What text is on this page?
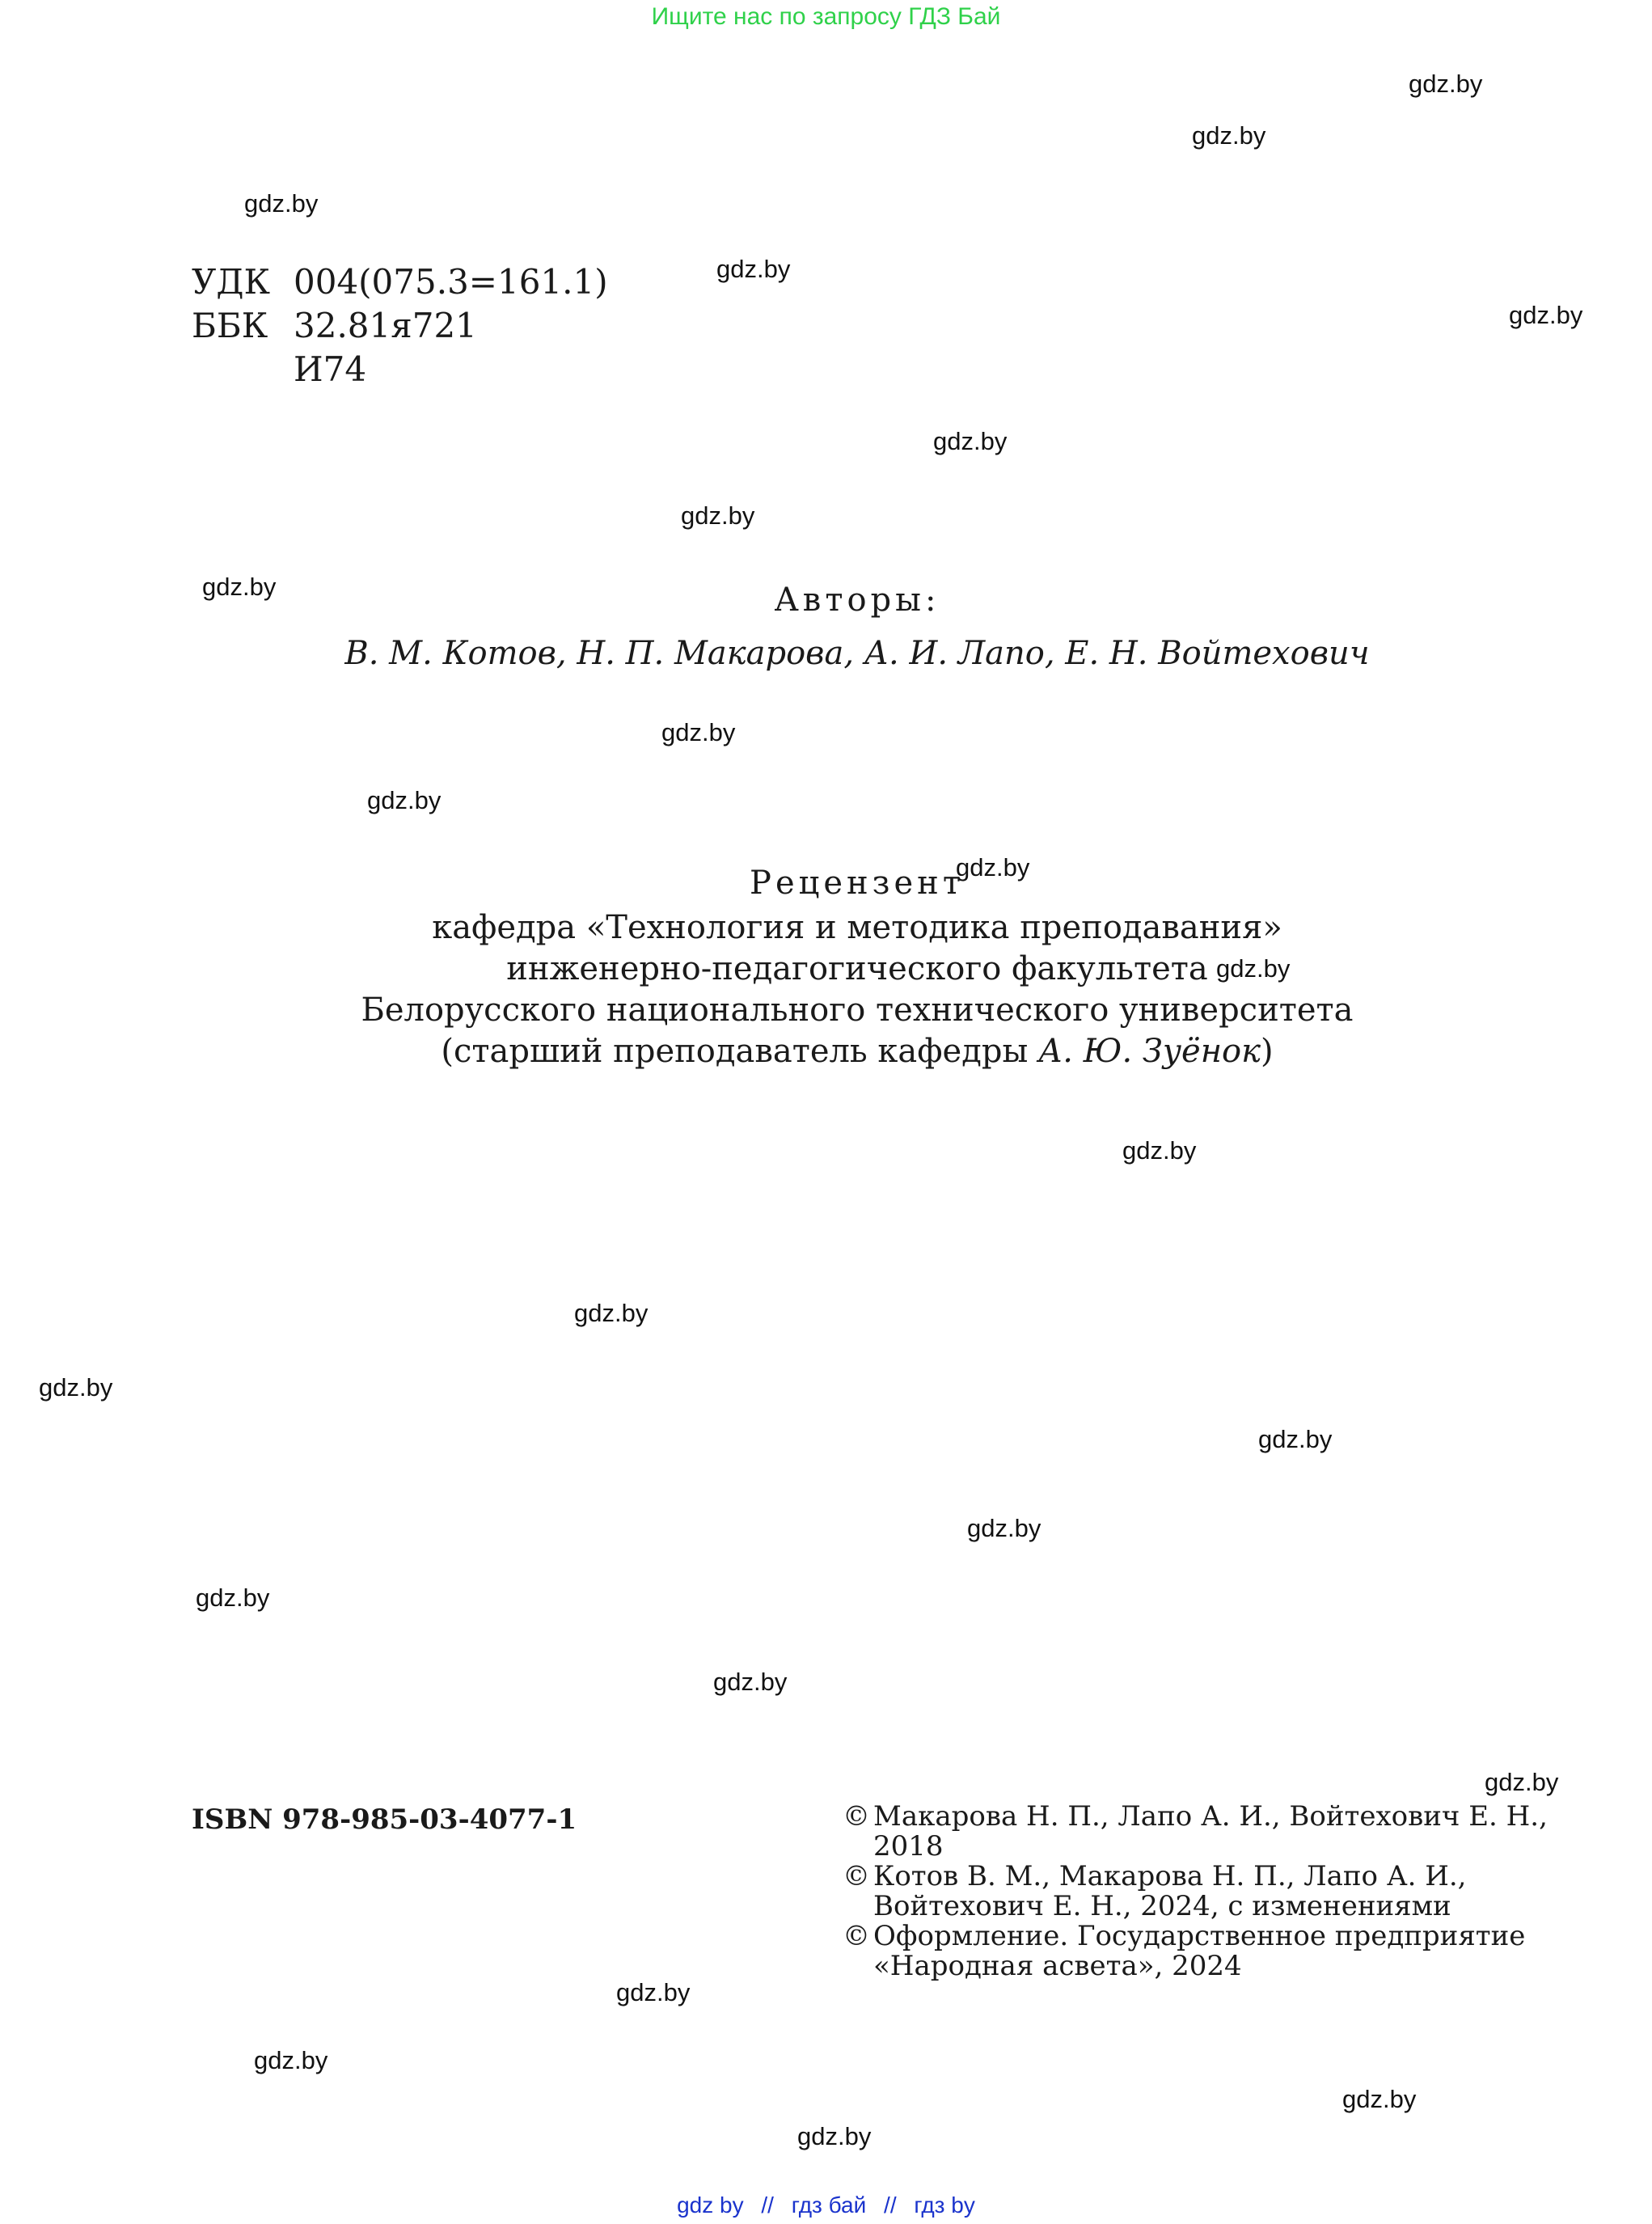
Ищите нас по запросу ГДЗ Бай
gdz.by
gdz.by
gdz.by
gdz.by
gdz.by
gdz.by
gdz.by
gdz.by
gdz.by
gdz.by
gdz.by
gdz.by
gdz.by
gdz.by
gdz.by
gdz.by
gdz.by
gdz.by
gdz.by
gdz.by
gdz.by
gdz.by
gdz.by
gdz.by
УДК 004(075.3=161.1)
ББК 32.81я721
И74
Авторы:
В. М. Котов, Н. П. Макарова, А. И. Лапо, Е. Н. Войтехович
Рецензент
кафедра «Технология и методика преподавания»
инженерно-педагогического факультета
Белорусского национального технического университета
(старший преподаватель кафедры А. Ю. Зуёнок)
ISBN 978-985-03-4077-1	© Макарова Н. П., Лапо А. И., Войтехович Е. Н.,
2018
© Котов В. М., Макарова Н. П., Лапо А. И.,
Войтехович Е. Н., 2024, с изменениями
© Оформление. Государственное предприятие
«Народная асвета», 2024
gdz by // гдз бай // гдз by
